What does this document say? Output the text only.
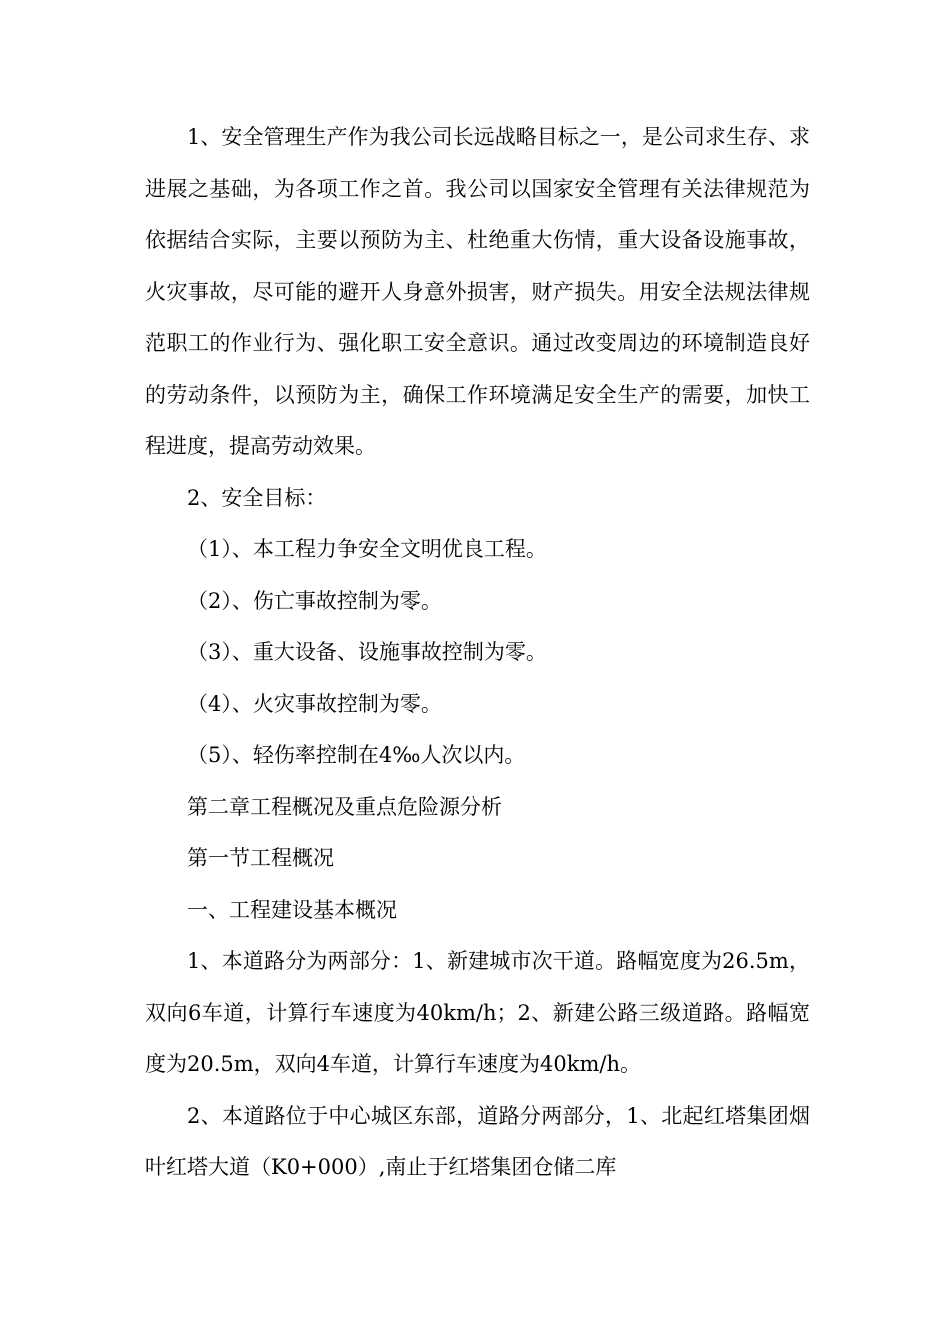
1、安全管理生产作为我公司长远战略目标之一，是公司求生存、求进展之基础，为各项工作之首。我公司以国家安全管理有关法律规范为依据结合实际，主要以预防为主、杜绝重大伤情，重大设备设施事故，火灾事故，尽可能的避开人身意外损害，财产损失。用安全法规法律规范职工的作业行为、强化职工安全意识。通过改变周边的环境制造良好的劳动条件，以预防为主，确保工作环境满足安全生产的需要，加快工程进度，提高劳动效果。

2、安全目标：

（1）、本工程力争安全文明优良工程。

（2）、伤亡事故控制为零。

（3）、重大设备、设施事故控制为零。

（4）、火灾事故控制为零。

（5）、轻伤率控制在4‰人次以内。

第二章工程概况及重点危险源分析

第一节工程概况

一、工程建设基本概况

1、本道路分为两部分：1、新建城市次干道。路幅宽度为26.5m，双向6车道，计算行车速度为40km/h；2、新建公路三级道路。路幅宽度为20.5m，双向4车道，计算行车速度为40km/h。

2、本道路位于中心城区东部，道路分两部分，1、北起红塔集团烟叶红塔大道（K0+000）,南止于红塔集团仓储二库
